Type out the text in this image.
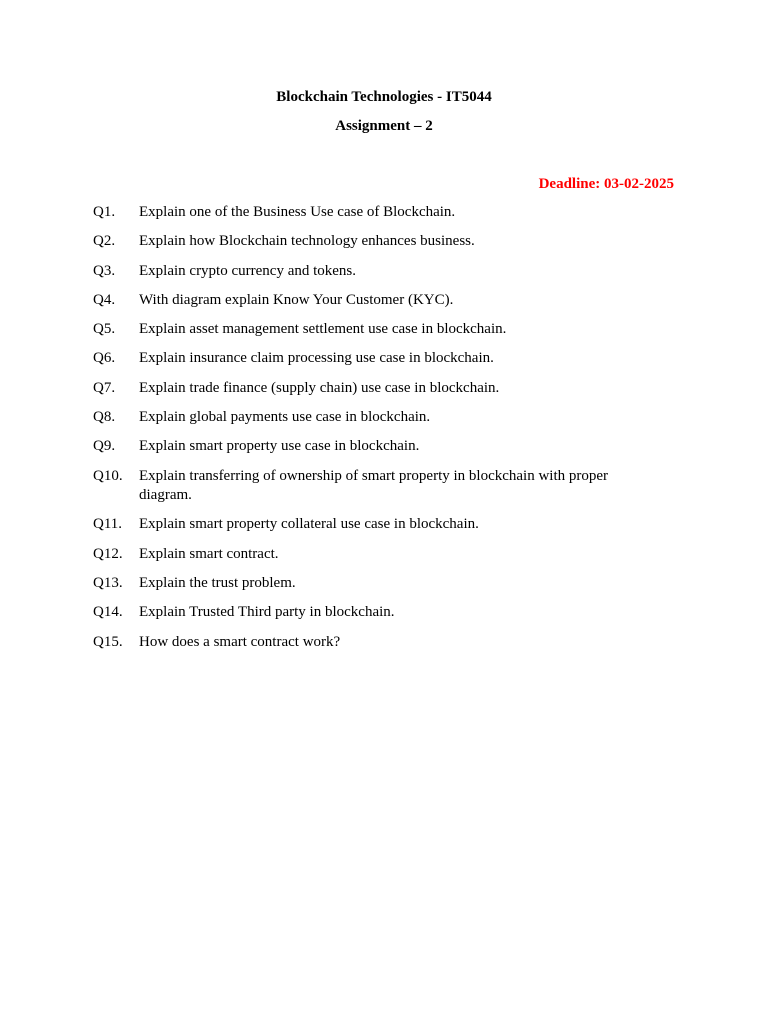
Blockchain Technologies - IT5044
Assignment – 2
Deadline: 03-02-2025
Q1.	Explain one of the Business Use case of Blockchain.
Q2.	Explain how Blockchain technology enhances business.
Q3.	Explain crypto currency and tokens.
Q4.	With diagram explain Know Your Customer (KYC).
Q5.	Explain asset management settlement use case in blockchain.
Q6.	Explain insurance claim processing use case in blockchain.
Q7.	Explain trade finance (supply chain) use case in blockchain.
Q8.	Explain global payments use case in blockchain.
Q9.	Explain smart property use case in blockchain.
Q10.	Explain transferring of ownership of smart property in blockchain with proper diagram.
Q11.	Explain smart property collateral use case in blockchain.
Q12.	Explain smart contract.
Q13.	Explain the trust problem.
Q14.	Explain Trusted Third party in blockchain.
Q15.	How does a smart contract work?
